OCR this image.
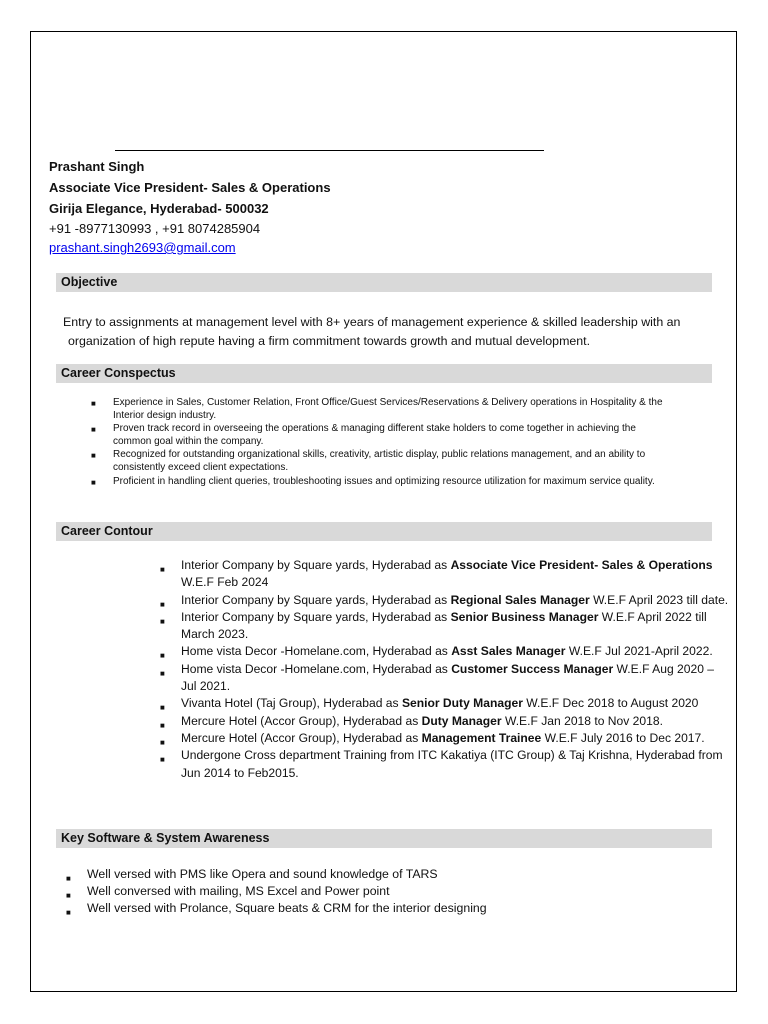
Prashant Singh
Associate Vice President- Sales & Operations
Girija Elegance, Hyderabad- 500032
+91 -8977130993 , +91 8074285904
prashant.singh2693@gmail.com
Objective
Entry to assignments at management level with 8+ years of management experience & skilled leadership with an
organization of high repute having a firm commitment towards growth and mutual development.
Career Conspectus
■ Experience in Sales, Customer Relation, Front Office/Guest Services/Reservations & Delivery operations in Hospitality & the Interior design industry.
■ Proven track record in overseeing the operations & managing different stake holders to come together in achieving the common goal within the company.
■ Recognized for outstanding organizational skills, creativity, artistic display, public relations management, and an ability to consistently exceed client expectations.
■ Proficient in handling client queries, troubleshooting issues and optimizing resource utilization for maximum service quality.
Career Contour
■ Interior Company by Square yards, Hyderabad as Associate Vice President- Sales & Operations W.E.F Feb 2024
■ Interior Company by Square yards, Hyderabad as Regional Sales Manager W.E.F April 2023 till date.
■ Interior Company by Square yards, Hyderabad as Senior Business Manager W.E.F April 2022 till March 2023.
■ Home vista Decor -Homelane.com, Hyderabad as Asst Sales Manager W.E.F Jul 2021-April 2022.
■ Home vista Decor -Homelane.com, Hyderabad as Customer Success Manager W.E.F Aug 2020 – Jul 2021.
■ Vivanta Hotel (Taj Group), Hyderabad as Senior Duty Manager W.E.F Dec 2018 to August 2020
■ Mercure Hotel (Accor Group), Hyderabad as Duty Manager W.E.F Jan 2018 to Nov 2018.
■ Mercure Hotel (Accor Group), Hyderabad as Management Trainee W.E.F July 2016 to Dec 2017.
■ Undergone Cross department Training from ITC Kakatiya (ITC Group) & Taj Krishna, Hyderabad from Jun 2014 to Feb2015.
Key Software & System Awareness
■ Well versed with PMS like Opera and sound knowledge of TARS
■ Well conversed with mailing, MS Excel and Power point
■ Well versed with Prolance, Square beats & CRM for the interior designing
